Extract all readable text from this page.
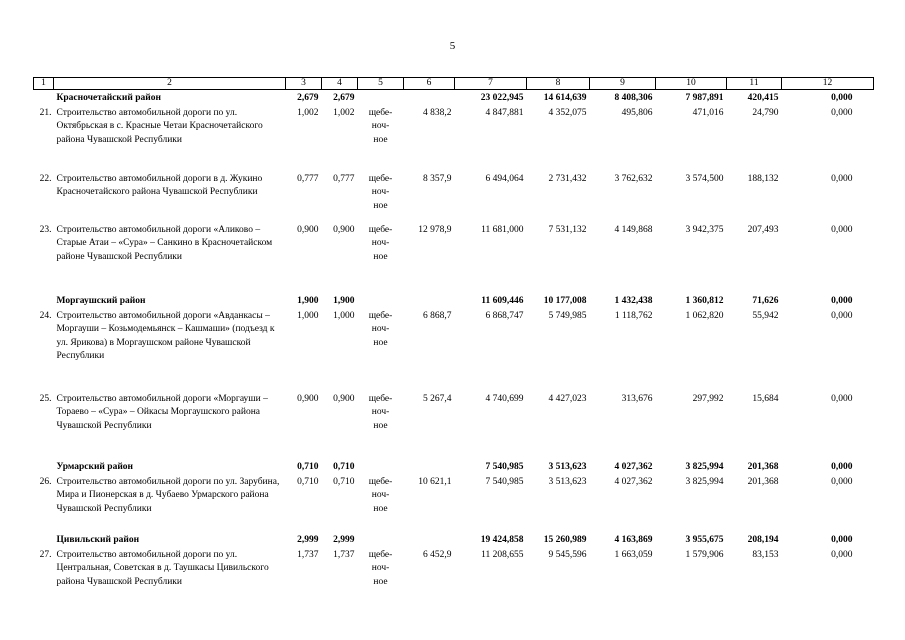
5
1	2	3	4	5	6	7	8	9	10	11	12
	Красночетайский район	2,679	2,679			23 022,945	14 614,639	8 408,306	7 987,891	420,415	0,000
21.	Строительство автомобильной дороги по ул. Октябрьская в с. Красные Четаи Красночетайского района Чувашской Республики	1,002	1,002	щебе-
ноч-
ное	4 838,2	4 847,881	4 352,075	495,806	471,016	24,790	0,000
22.	Строительство автомобильной дороги в д. Жукино Красночетайского района Чувашской Республики	0,777	0,777	щебе-
ноч-
ное	8 357,9	6 494,064	2 731,432	3 762,632	3 574,500	188,132	0,000
23.	Строительство автомобильной дороги «Аликово – Старые Атаи – «Сура» – Санкино в Красночетайском районе Чувашской Республики	0,900	0,900	щебе-
ноч-
ное	12 978,9	11 681,000	7 531,132	4 149,868	3 942,375	207,493	0,000
	Моргаушский район	1,900	1,900			11 609,446	10 177,008	1 432,438	1 360,812	71,626	0,000
24.	Строительство автомобильной дороги «Авданкасы – Моргауши – Козьмодемьянск – Кашмаши» (подъезд к ул. Ярикова) в Моргаушском районе Чувашской Республики	1,000	1,000	щебе-
ноч-
ное	6 868,7	6 868,747	5 749,985	1 118,762	1 062,820	55,942	0,000
25.	Строительство автомобильной дороги «Моргауши – Тораево – «Сура» – Ойкасы Моргаушского района Чувашской Республики	0,900	0,900	щебе-
ноч-
ное	5 267,4	4 740,699	4 427,023	313,676	297,992	15,684	0,000
	Урмарский район	0,710	0,710			7 540,985	3 513,623	4 027,362	3 825,994	201,368	0,000
26.	Строительство автомобильной дороги по ул. Зарубина, Мира и Пионерская в д. Чубаево Урмарского района Чувашской Республики	0,710	0,710	щебе-
ноч-
ное	10 621,1	7 540,985	3 513,623	4 027,362	3 825,994	201,368	0,000
	Цивильский район	2,999	2,999			19 424,858	15 260,989	4 163,869	3 955,675	208,194	0,000
27.	Строительство автомобильной дороги по ул. Центральная, Советская в д. Таушкасы Цивильского района Чувашской Республики	1,737	1,737	щебе-
ноч-
ное	6 452,9	11 208,655	9 545,596	1 663,059	1 579,906	83,153	0,000
